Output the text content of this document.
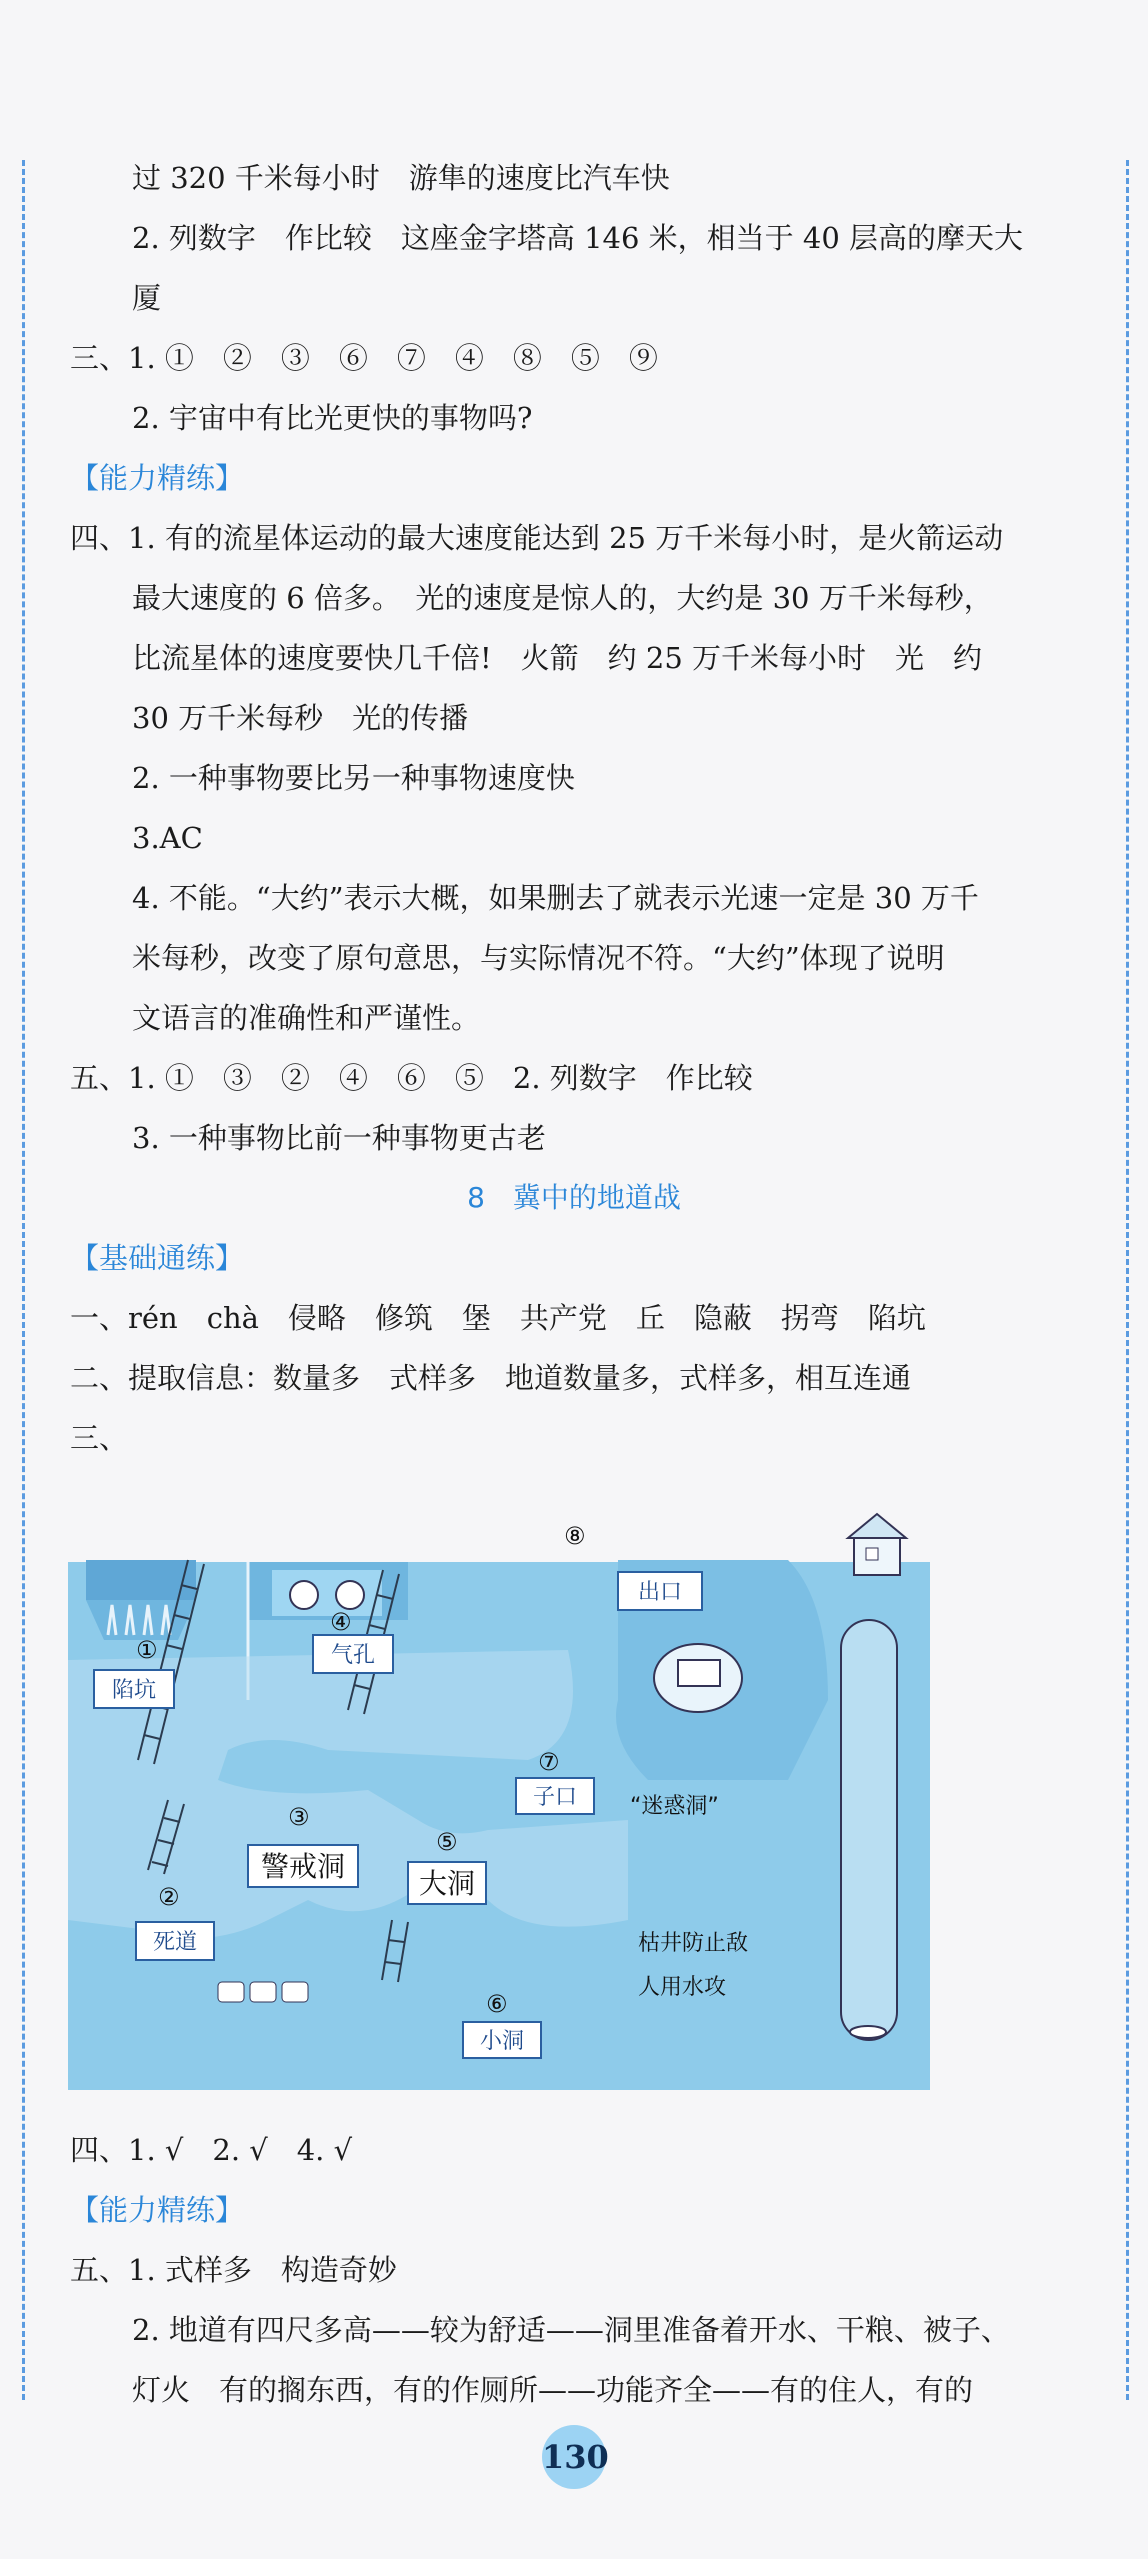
过 320 千米每小时　游隼的速度比汽车快
2. 列数字　作比较　这座金字塔高 146 米，相当于 40 层高的摩天大
厦
三、1. ①　②　③　⑥　⑦　④　⑧　⑤　⑨
2. 宇宙中有比光更快的事物吗?
【能力精练】
四、1. 有的流星体运动的最大速度能达到 25 万千米每小时，是火箭运动
最大速度的 6 倍多。　光的速度是惊人的，大约是 30 万千米每秒，
比流星体的速度要快几千倍!　火箭　约 25 万千米每小时　光　约
30 万千米每秒　光的传播
2. 一种事物要比另一种事物速度快
3.AC
4. 不能。“大约”表示大概，如果删去了就表示光速一定是 30 万千
米每秒，改变了原句意思，与实际情况不符。“大约”体现了说明
文语言的准确性和严谨性。
五、1. ①　③　②　④　⑥　⑤　2. 列数字　作比较
3. 一种事物比前一种事物更古老
8　冀中的地道战
【基础通练】
一、rén　chà　侵略　修筑　堡　共产党　丘　隐蔽　拐弯　陷坑
二、提取信息：数量多　式样多　地道数量多，式样多，相互连通
三、
陷坑
气孔
出口
死道
警戒洞
大洞
子口 “迷惑洞”
小洞
枯井防止敌
人用水攻
①
②
③
④
⑤
⑥
⑦
⑧
四、1. √　2. √　4. √
【能力精练】
五、1. 式样多　构造奇妙
2. 地道有四尺多高——较为舒适——洞里准备着开水、干粮、被子、
灯火　有的搁东西，有的作厕所——功能齐全——有的住人，有的
130
